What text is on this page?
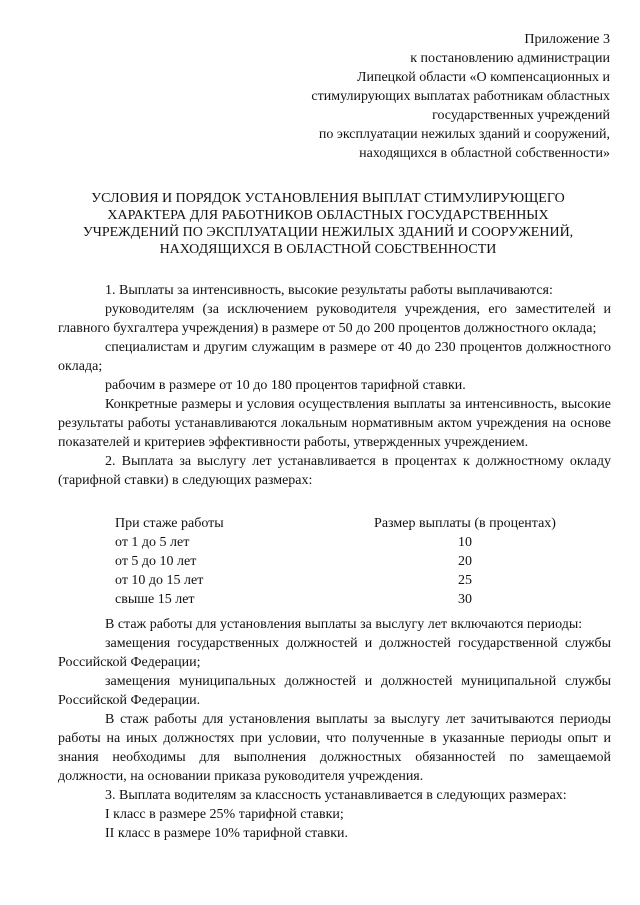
Приложение 3
к постановлению администрации
Липецкой области «О компенсационных и
стимулирующих выплатах работникам областных
государственных учреждений
по эксплуатации нежилых зданий и сооружений,
находящихся в областной собственности»
УСЛОВИЯ И ПОРЯДОК УСТАНОВЛЕНИЯ ВЫПЛАТ СТИМУЛИРУЮЩЕГО
ХАРАКТЕРА ДЛЯ РАБОТНИКОВ ОБЛАСТНЫХ ГОСУДАРСТВЕННЫХ
УЧРЕЖДЕНИЙ ПО ЭКСПЛУАТАЦИИ НЕЖИЛЫХ ЗДАНИЙ И СООРУЖЕНИЙ,
НАХОДЯЩИХСЯ В ОБЛАСТНОЙ СОБСТВЕННОСТИ

1. Выплаты за интенсивность, высокие результаты работы выплачиваются:

руководителям (за исключением руководителя учреждения, его заместителей и главного бухгалтера учреждения) в размере от 50 до 200 процентов должностного оклада;

специалистам и другим служащим в размере от 40 до 230 процентов должностного оклада;

рабочим в размере от 10 до 180 процентов тарифной ставки.

Конкретные размеры и условия осуществления выплаты за интенсивность, высокие результаты работы устанавливаются локальным нормативным актом учреждения на основе показателей и критериев эффективности работы, утвержденных учреждением.

2. Выплата за выслугу лет устанавливается в процентах к должностному окладу (тарифной ставки) в следующих размерах:

При стаже работы	Размер выплаты (в процентах)
от 1 до 5 лет	10
от 5 до 10 лет	20
от 10 до 15 лет	25
свыше 15 лет	30

В стаж работы для установления выплаты за выслугу лет включаются периоды:

замещения государственных должностей и должностей государственной службы Российской Федерации;

замещения муниципальных должностей и должностей муниципальной службы Российской Федерации.

В стаж работы для установления выплаты за выслугу лет зачитываются периоды работы на иных должностях при условии, что полученные в указанные периоды опыт и знания необходимы для выполнения должностных обязанностей по замещаемой должности, на основании приказа руководителя учреждения.

3. Выплата водителям за классность устанавливается в следующих размерах:

I класс в размере 25% тарифной ставки;

II класс в размере 10% тарифной ставки.
